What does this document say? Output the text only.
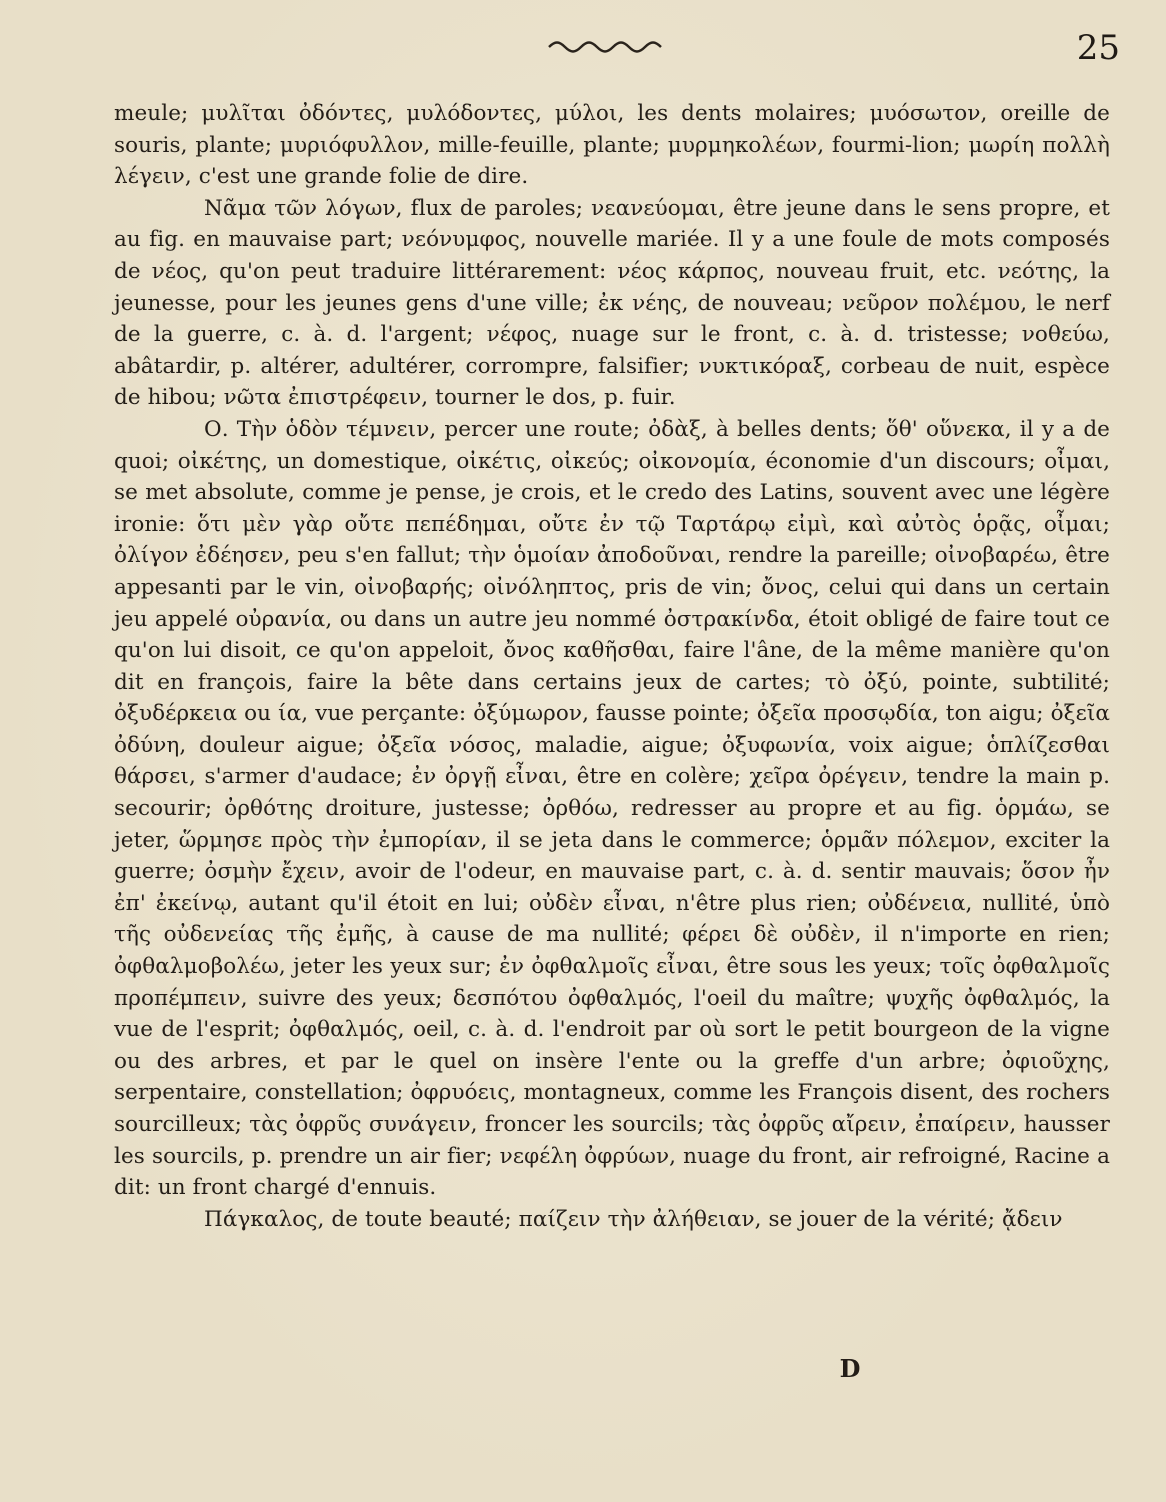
25

meule; μυλῖται ὀδόντες, μυλόδοντες, μύλοι, les dents molaires; μυόσωτον, oreille de souris, plante; μυριόφυλλον, mille-feuille, plante; μυρμηκολέων, fourmi-lion; μωρίη πολλὴ λέγειν, c'est une grande folie de dire.

Νᾶμα τῶν λόγων, flux de paroles; νεανεύομαι, être jeune dans le sens propre, et au fig. en mauvaise part; νεόνυμφος, nouvelle mariée. Il y a une foule de mots composés de νέος, qu'on peut traduire littérarement: νέος κάρπος, nouveau fruit, etc. νεότης, la jeunesse, pour les jeunes gens d'une ville; ἐκ νέης, de nouveau; νεῦρον πολέμου, le nerf de la guerre, c. à. d. l'argent; νέφος, nuage sur le front, c. à. d. tristesse; νοθεύω, abâtardir, p. altérer, adultérer, corrompre, falsifier; νυκτικόραξ, corbeau de nuit, espèce de hibou; νῶτα ἐπιστρέφειν, tourner le dos, p. fuir.

Ο. Τὴν ὁδὸν τέμνειν, percer une route; ὀδὰξ, à belles dents; ὅθ' οὕνεκα, il y a de quoi; οἰκέτης, un domestique, οἰκέτις, οἰκεύς; οἰκονομία, économie d'un discours; οἶμαι, se met absolute, comme je pense, je crois, et le credo des Latins, souvent avec une légère ironie: ὅτι μὲν γὰρ οὔτε πεπέδημαι, οὔτε ἐν τῷ Ταρτάρῳ εἰμὶ, καὶ αὐτὸς ὁρᾷς, οἶμαι; ὀλίγον ἐδέησεν, peu s'en fallut; τὴν ὁμοίαν ἀποδοῦναι, rendre la pareille; οἰνοβαρέω, être appesanti par le vin, οἰνοβαρής; οἰνόληπτος, pris de vin; ὄνος, celui qui dans un certain jeu appelé οὐρανία, ou dans un autre jeu nommé ὀστρακίνδα, étoit obligé de faire tout ce qu'on lui disoit, ce qu'on appeloit, ὄνος καθῆσθαι, faire l'âne, de la même manière qu'on dit en françois, faire la bête dans certains jeux de cartes; τὸ ὀξύ, pointe, subtilité; ὀξυδέρκεια ou ία, vue perçante: ὀξύμωρον, fausse pointe; ὀξεῖα προσῳδία, ton aigu; ὀξεῖα ὀδύνη, douleur aigue; ὀξεῖα νόσος, maladie, aigue; ὀξυφωνία, voix aigue; ὁπλίζεσθαι θάρσει, s'armer d'audace; ἐν ὀργῇ εἶναι, être en colère; χεῖρα ὀρέγειν, tendre la main p. secourir; ὀρθότης droiture, justesse; ὀρθόω, redresser au propre et au fig. ὁρμάω, se jeter, ὥρμησε πρὸς τὴν ἐμπορίαν, il se jeta dans le commerce; ὁρμᾶν πόλεμον, exciter la guerre; ὀσμὴν ἔχειν, avoir de l'odeur, en mauvaise part, c. à. d. sentir mauvais; ὅσον ἦν ἐπ' ἐκείνῳ, autant qu'il étoit en lui; οὐδὲν εἶναι, n'être plus rien; οὐδένεια, nullité, ὑπὸ τῆς οὐδενείας τῆς ἐμῆς, à cause de ma nullité; φέρει δὲ οὐδὲν, il n'importe en rien; ὀφθαλμοβολέω, jeter les yeux sur; ἐν ὀφθαλμοῖς εἶναι, être sous les yeux; τοῖς ὀφθαλμοῖς προπέμπειν, suivre des yeux; δεσπότου ὀφθαλμός, l'oeil du maître; ψυχῆς ὀφθαλμός, la vue de l'esprit; ὀφθαλμός, oeil, c. à. d. l'endroit par où sort le petit bourgeon de la vigne ou des arbres, et par le quel on insère l'ente ou la greffe d'un arbre; ὀφιοῦχης, serpentaire, constellation; ὀφρυόεις, montagneux, comme les François disent, des rochers sourcilleux; τὰς ὀφρῦς συνάγειν, froncer les sourcils; τὰς ὀφρῦς αἴρειν, ἐπαίρειν, hausser les sourcils, p. prendre un air fier; νεφέλη ὀφρύων, nuage du front, air refroigné, Racine a dit: un front chargé d'ennuis.

Πάγκαλος, de toute beauté; παίζειν τὴν ἀλήθειαν, se jouer de la vérité; ᾄδειν

D
